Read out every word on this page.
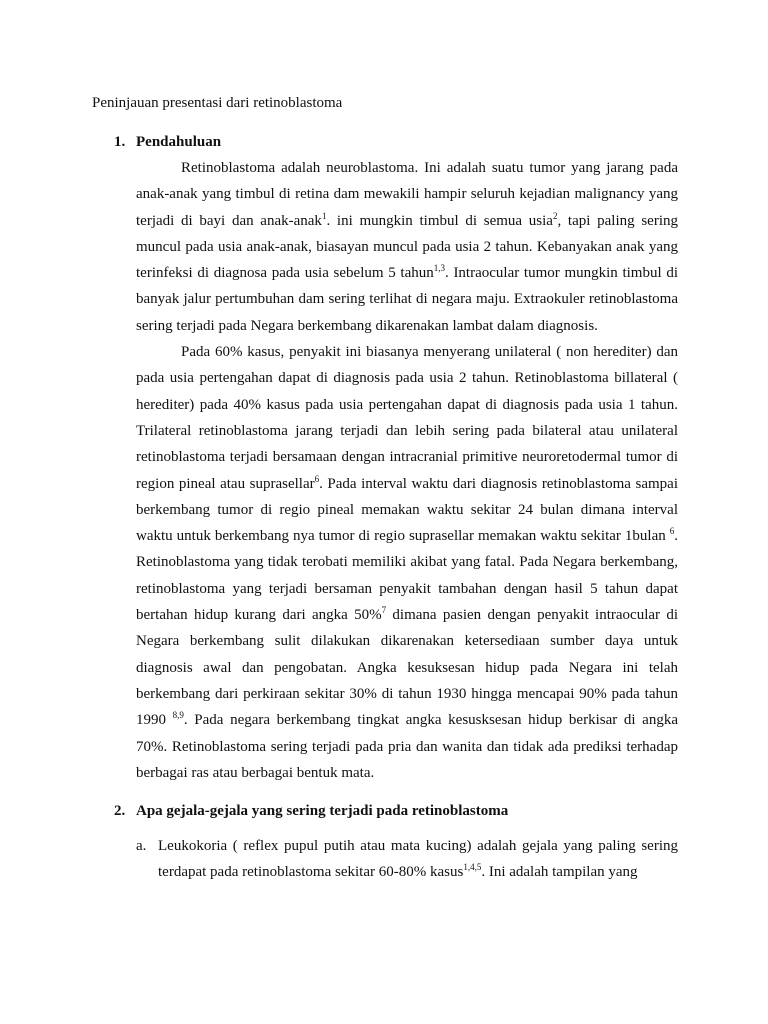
Peninjauan presentasi dari retinoblastoma
1. Pendahuluan

Retinoblastoma adalah neuroblastoma. Ini adalah suatu tumor yang jarang pada anak-anak yang timbul di retina dam mewakili hampir seluruh kejadian malignancy yang terjadi di bayi dan anak-anak$^1$. ini mungkin timbul di semua usia$^2$, tapi paling sering muncul pada usia anak-anak, biasayan muncul pada usia 2 tahun. Kebanyakan anak yang terinfeksi di diagnosa pada usia sebelum 5 tahun$^{1,3}$. Intraocular tumor mungkin timbul di banyak jalur pertumbuhan dam sering terlihat di negara maju. Extraokuler retinoblastoma sering terjadi pada Negara berkembang dikarenakan lambat dalam diagnosis.

Pada 60% kasus, penyakit ini biasanya menyerang unilateral ( non herediter) dan pada usia pertengahan dapat di diagnosis pada usia 2 tahun. Retinoblastoma billateral ( herediter) pada 40% kasus pada usia pertengahan dapat di diagnosis pada usia 1 tahun. Trilateral retinoblastoma jarang terjadi dan lebih sering pada bilateral atau unilateral retinoblastoma terjadi bersamaan dengan intracranial primitive neuroretodermal tumor di region pineal atau suprasellar$^6$. Pada interval waktu dari diagnosis retinoblastoma sampai berkembang tumor di regio pineal memakan waktu sekitar 24 bulan dimana interval waktu untuk berkembang nya tumor di regio suprasellar memakan waktu sekitar 1bulan $^6$. Retinoblastoma yang tidak terobati memiliki akibat yang fatal. Pada Negara berkembang, retinoblastoma yang terjadi bersaman penyakit tambahan dengan hasil 5 tahun dapat bertahan hidup kurang dari angka 50%$^7$ dimana pasien dengan penyakit intraocular di Negara berkembang sulit dilakukan dikarenakan ketersediaan sumber daya untuk diagnosis awal dan pengobatan. Angka kesuksesan hidup pada Negara ini telah berkembang dari perkiraan sekitar 30% di tahun 1930 hingga mencapai 90% pada tahun 1990 $^{8,9}$. Pada negara berkembang tingkat angka kesusksesan hidup berkisar di angka 70%. Retinoblastoma sering terjadi pada pria dan wanita dan tidak ada prediksi terhadap berbagai ras atau berbagai bentuk mata.

2. Apa gejala-gejala yang sering terjadi pada retinoblastoma
a. Leukokoria ( reflex pupul putih atau mata kucing) adalah gejala yang paling sering terdapat pada retinoblastoma sekitar 60-80% kasus$^{1,4,5}$. Ini adalah tampilan yang
